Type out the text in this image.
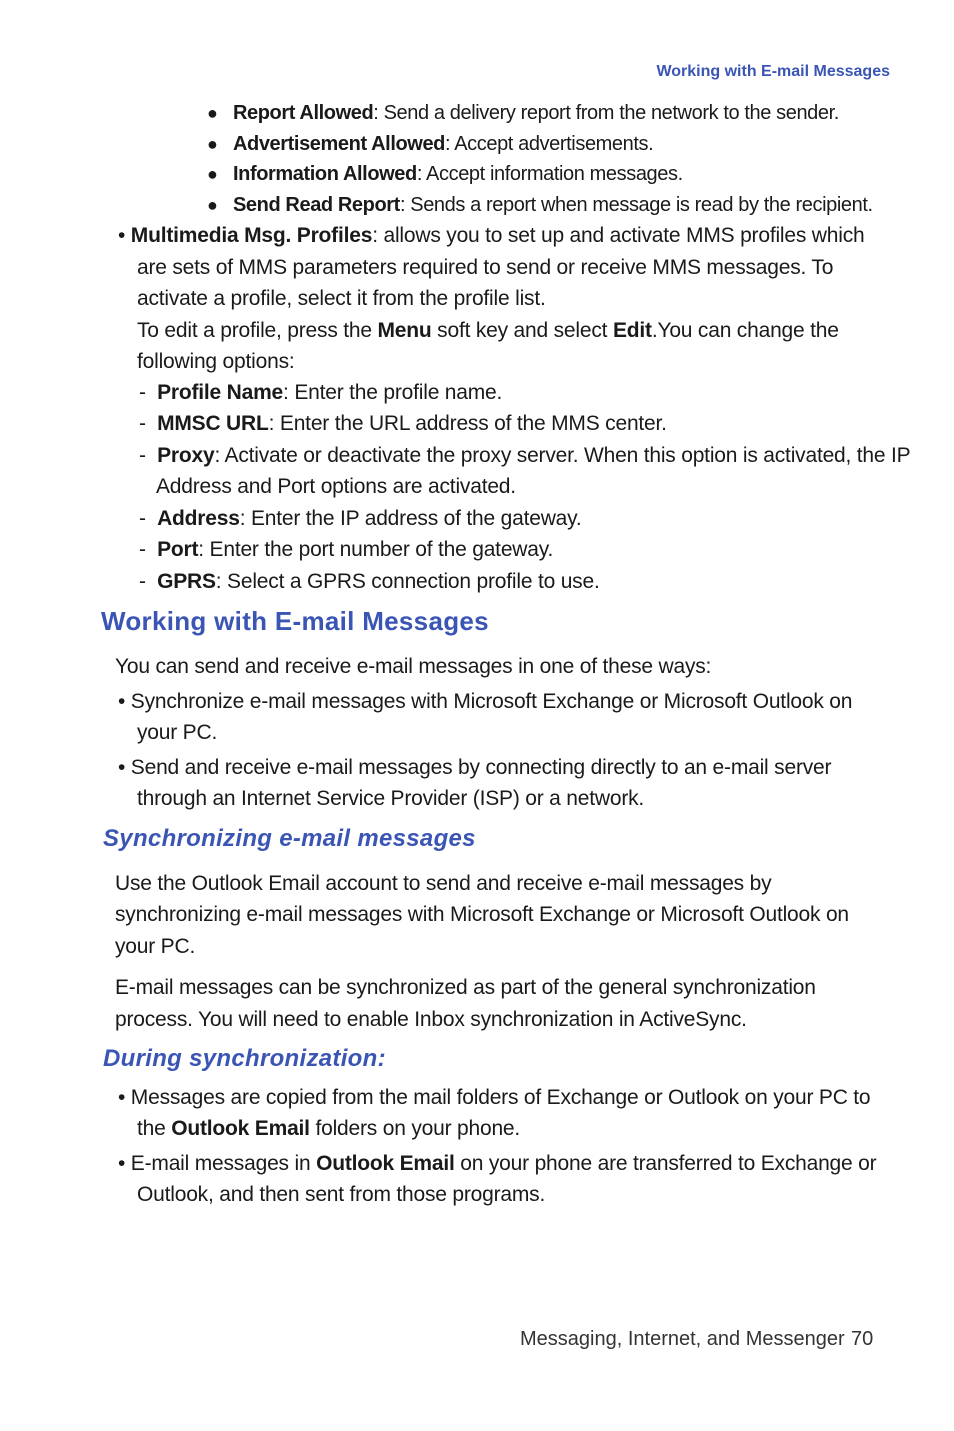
Working with E-mail Messages
● Report Allowed: Send a delivery report from the network to the sender.
● Advertisement Allowed: Accept advertisements.
● Information Allowed: Accept information messages.
● Send Read Report: Sends a report when message is read by the recipient.
• Multimedia Msg. Profiles: allows you to set up and activate MMS profiles which
are sets of MMS parameters required to send or receive MMS messages. To
activate a profile, select it from the profile list.
To edit a profile, press the Menu soft key and select Edit.You can change the
following options:
-  Profile Name: Enter the profile name.
-  MMSC URL: Enter the URL address of the MMS center.
-  Proxy: Activate or deactivate the proxy server. When this option is activated, the IP
Address and Port options are activated.
-  Address: Enter the IP address of the gateway.
-  Port: Enter the port number of the gateway.
-  GPRS: Select a GPRS connection profile to use.
Working with E-mail Messages
You can send and receive e-mail messages in one of these ways:
• Synchronize e-mail messages with Microsoft Exchange or Microsoft Outlook on
your PC.
• Send and receive e-mail messages by connecting directly to an e-mail server
through an Internet Service Provider (ISP) or a network.
Synchronizing e-mail messages
Use the Outlook Email account to send and receive e-mail messages by
synchronizing e-mail messages with Microsoft Exchange or Microsoft Outlook on
your PC.
E-mail messages can be synchronized as part of the general synchronization
process. You will need to enable Inbox synchronization in ActiveSync.
During synchronization:
• Messages are copied from the mail folders of Exchange or Outlook on your PC to
the Outlook Email folders on your phone.
• E-mail messages in Outlook Email on your phone are transferred to Exchange or
Outlook, and then sent from those programs.
Messaging, Internet, and Messenger 70
